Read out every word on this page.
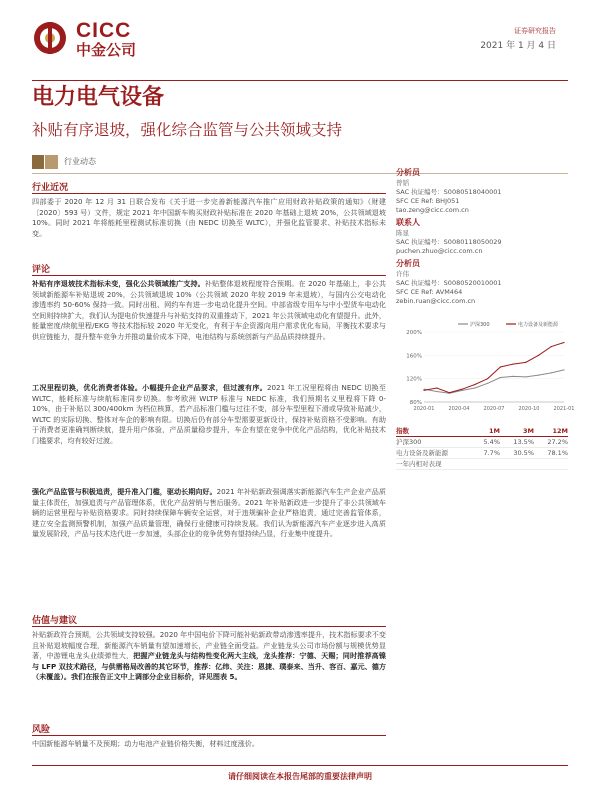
CICC
中金公司
证券研究报告
2021 年 1 月 4 日
电力电气设备
补贴有序退坡，强化综合监管与公共领域支持
行业动态
行业近况
四部委于 2020 年 12 月 31 日联合发布《关于进一步完善新能源汽车推广应用财政补贴政策的通知》（财建〔2020〕593 号）文件，规定 2021 年中国新车购买财政补贴标准在 2020 年基础上退坡 20%，公共领域退坡 10%。同时 2021 年将能耗里程测试标准切换（由 NEDC 切换至 WLTC），并强化监管要求、补贴技术指标未变。
评论
补贴有序退坡技术指标未变，强化公共领域推广支持。补贴整体退坡程度符合预期。在 2020 年基础上，非公共领域新能源车补贴退坡 20%，公共领域退坡 10%（公共领域 2020 年较 2019 年未退坡），与国内公交电动化渗透率约 50-60% 保持一致。同时出租、网约车有进一步电动化提升空间。中部省级专用车与中小型货车电动化空间则持续扩大，我们认为提电价快速提升与补贴支持的双重推动下，2021 年公共领域电动化有望提升。此外，能量密度/续航里程/EKG 等技术指标较 2020 年无变化，有利于车企资源向用户需求优化布局，平衡技术要求与供应链能力，提升整车竞争力并推动量价成本下降，电池结构与系统创新与产品品质持续提升。
工况里程切换，优化消费者体验。小幅提升企业产品要求，但过渡有序。2021 年工况里程将由 NEDC 切换至 WLTC，能耗标准与续航标准同步切换。参考欧洲 WLTP 标准与 NEDC 标准，我们预期名义里程将下降 0-10%，由于补贴以 300/400km 为档位核算，若产品标准门槛与过往不变，部分车型里程下滑或导致补贴减少，WLTC 的实际切换、整体对车企的影响有限。切换后仍有部分车型需要更新设计，保持补贴资格不受影响。有助于消费者更准确判断续航，提升用户体验，产品质量稳步提升，车企有望在竞争中优化产品结构，优化补贴技术门槛要求，均有较好过渡。
强化产品监管与积极追责，提升准入门槛，驱动长期向好。2021 年补贴新政强调落实新能源汽车生产企业产品质量主体责任，加强追责与产品管理体系，优化产品营销与售后服务。2021 年补贴新政进一步提升了非公共领域车辆的运营里程与补贴资格要求。同时持续保障车辆安全运营，对于违规骗补企业严格追责，通过完善监管体系，建立安全监测预警机制，加强产品质量管理，确保行业健康可持续发展。我们认为新能源汽车产业逐步进入高质量发展阶段，产品与技术迭代进一步加速，头部企业的竞争优势有望持续凸显，行业集中度提升。
估值与建议
补贴新政符合预期，公共领域支持较强。2020 年中国电价下降可能补贴新政带动渗透率提升，技术指标要求不变且补贴退坡幅度合理，新能源汽车销量有望加速增长，产业链全面受益。产业链龙头公司市场份额与规模优势显著，中游锂电龙头业绩弹性大，把握产业链龙头与结构性变化两大主线，龙头推荐：宁德、天赐；同时推荐高镍与 LFP 双技术路径，与供需格局改善的其它环节，推荐：亿纬、关注：恩捷、璞泰来、当升、容百、嘉元、德方（未覆盖）。我们在报告正文中上调部分企业目标价，详见图表 5。
风险
中国新能源车销量不及预期；动力电池产业链价格失衡，材料过度涨价。
分析员
曾韬
SAC 执证编号：S0080518040001
SFC CE Ref: BHJ051
tao.zeng@cicc.com.cn
联系人
陈显
SAC 执证编号：S0080118050029
puchen.zhuo@cicc.com.cn
分析员
许伟
SAC 执证编号：S0080520010001
SFC CE Ref: AVM464
zebin.ruan@cicc.com.cn
200%
160%
120%
80%
2020-01	2020-04	2020-07	2020-10	2021-01
沪深300	电力设备及新能源
指数	1M	3M	12M
沪深300	5.4%	13.5%	27.2%
电力设备及新能源	7.7%	30.5%	78.1%
一年内相对表现
请仔细阅读在本报告尾部的重要法律声明
